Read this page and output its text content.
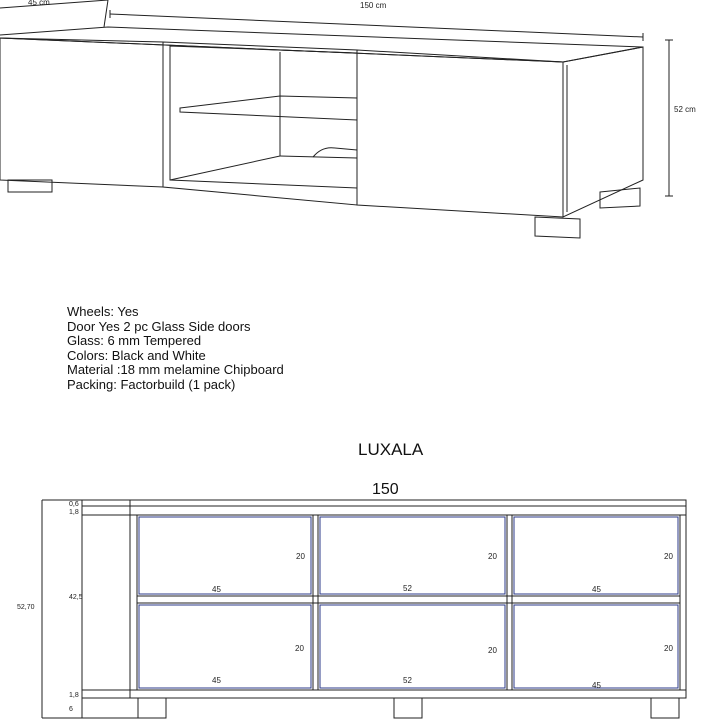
45 cm	150 cm
52 cm
0,6
1,8
42,5
52,70
1,8
6
20	20	20
45	52	45
20	20	20
45	52
45
Wheels: Yes
Door Yes 2 pc Glass Side doors
Glass: 6 mm Tempered
Colors: Black and White
Material :18 mm melamine Chipboard
Packing: Factorbuild (1 pack)
LUXALA
150
